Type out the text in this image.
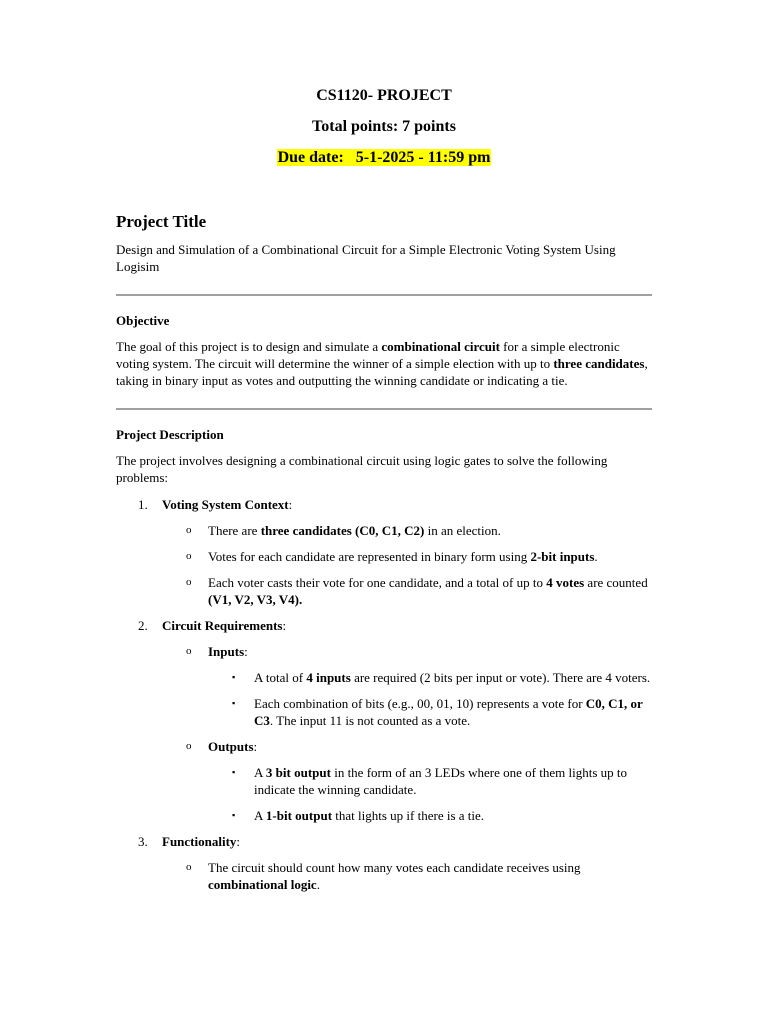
CS1120- PROJECT

Total points: 7 points

Due date:   5-1-2025 - 11:59 pm

Project Title

Design and Simulation of a Combinational Circuit for a Simple Electronic Voting System Using Logisim

Objective

The goal of this project is to design and simulate a combinational circuit for a simple electronic voting system. The circuit will determine the winner of a simple election with up to three candidates, taking in binary input as votes and outputting the winning candidate or indicating a tie.

Project Description

The project involves designing a combinational circuit using logic gates to solve the following problems:

1. Voting System Context:
o There are three candidates (C0, C1, C2) in an election.
o Votes for each candidate are represented in binary form using 2-bit inputs.
o Each voter casts their vote for one candidate, and a total of up to 4 votes are counted (V1, V2, V3, V4).
2. Circuit Requirements:
o Inputs:
▪ A total of 4 inputs are required (2 bits per input or vote). There are 4 voters.
▪ Each combination of bits (e.g., 00, 01, 10) represents a vote for C0, C1, or C3. The input 11 is not counted as a vote.
o Outputs:
▪ A 3 bit output in the form of an 3 LEDs where one of them lights up to indicate the winning candidate.
▪ A 1-bit output that lights up if there is a tie.
3. Functionality:
o The circuit should count how many votes each candidate receives using combinational logic.
